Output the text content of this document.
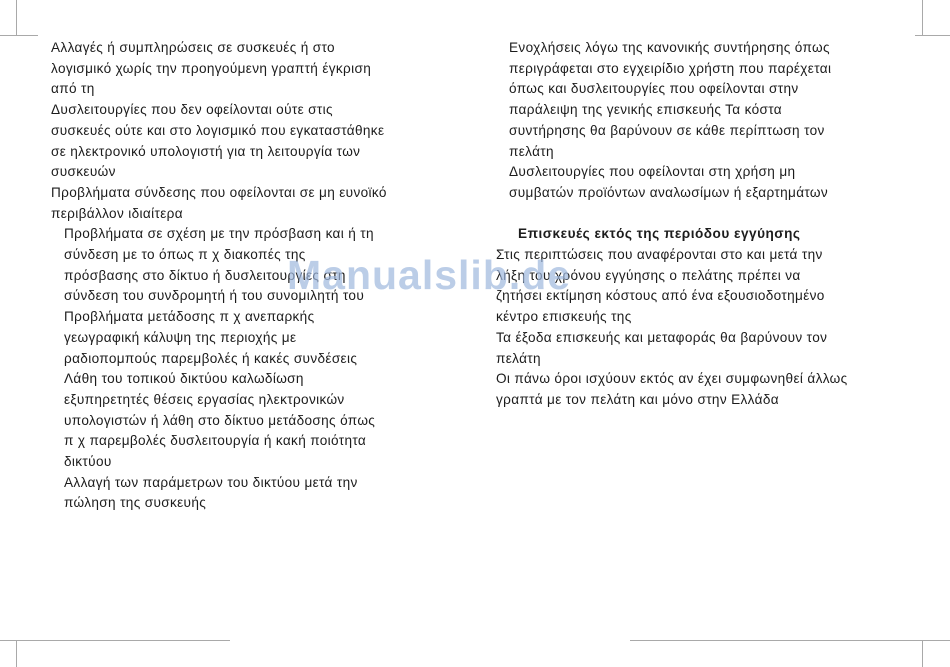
Αλλαγές ή συμπληρώσεις σε συσκευές ή στο

λογισμικό χωρίς την προηγούμενη γραπτή έγκριση

από τη

Δυσλειτουργίες που δεν οφείλονται ούτε στις

συσκευές ούτε και στο λογισμικό που εγκαταστάθηκε

σε ηλεκτρονικό υπολογιστή για τη λειτουργία των

συσκευών

Προβλήματα σύνδεσης που οφείλονται σε μη ευνοϊκό

περιβάλλον ιδιαίτερα

Προβλήματα σε σχέση με την πρόσβαση και ή τη

σύνδεση με το όπως π χ διακοπές της

πρόσβασης στο δίκτυο ή δυσλειτουργίες στη

σύνδεση του συνδρομητή ή του συνομιλητή του

Προβλήματα μετάδοσης π χ ανεπαρκής

γεωγραφική κάλυψη της περιοχής με

ραδιοπομπούς παρεμβολές ή κακές συνδέσεις

Λάθη του τοπικού δικτύου καλωδίωση

εξυπηρετητές θέσεις εργασίας ηλεκτρονικών

υπολογιστών ή λάθη στο δίκτυο μετάδοσης όπως

π χ παρεμβολές δυσλειτουργία ή κακή ποιότητα

δικτύου

Αλλαγή των παράμετρων του δικτύου μετά την

πώληση της συσκευής

Ενοχλήσεις λόγω της κανονικής συντήρησης όπως

περιγράφεται στο εγχειρίδιο χρήστη που παρέχεται

όπως και δυσλειτουργίες που οφείλονται στην

παράλειψη της γενικής επισκευής Τα κόστα

συντήρησης θα βαρύνουν σε κάθε περίπτωση τον

πελάτη

Δυσλειτουργίες που οφείλονται στη χρήση μη

συμβατών προϊόντων αναλωσίμων ή εξαρτημάτων

Επισκευές εκτός της περιόδου εγγύησης

Στις περιπτώσεις που αναφέρονται στο και μετά την

λήξη του χρόνου εγγύησης ο πελάτης πρέπει να

ζητήσει εκτίμηση κόστους από ένα εξουσιοδοτημένο

κέντρο επισκευής της

Τα έξοδα επισκευής και μεταφοράς θα βαρύνουν τον

πελάτη

Οι πάνω όροι ισχύουν εκτός αν έχει συμφωνηθεί άλλως

γραπτά με τον πελάτη και μόνο στην Ελλάδα

Manualslib.de
